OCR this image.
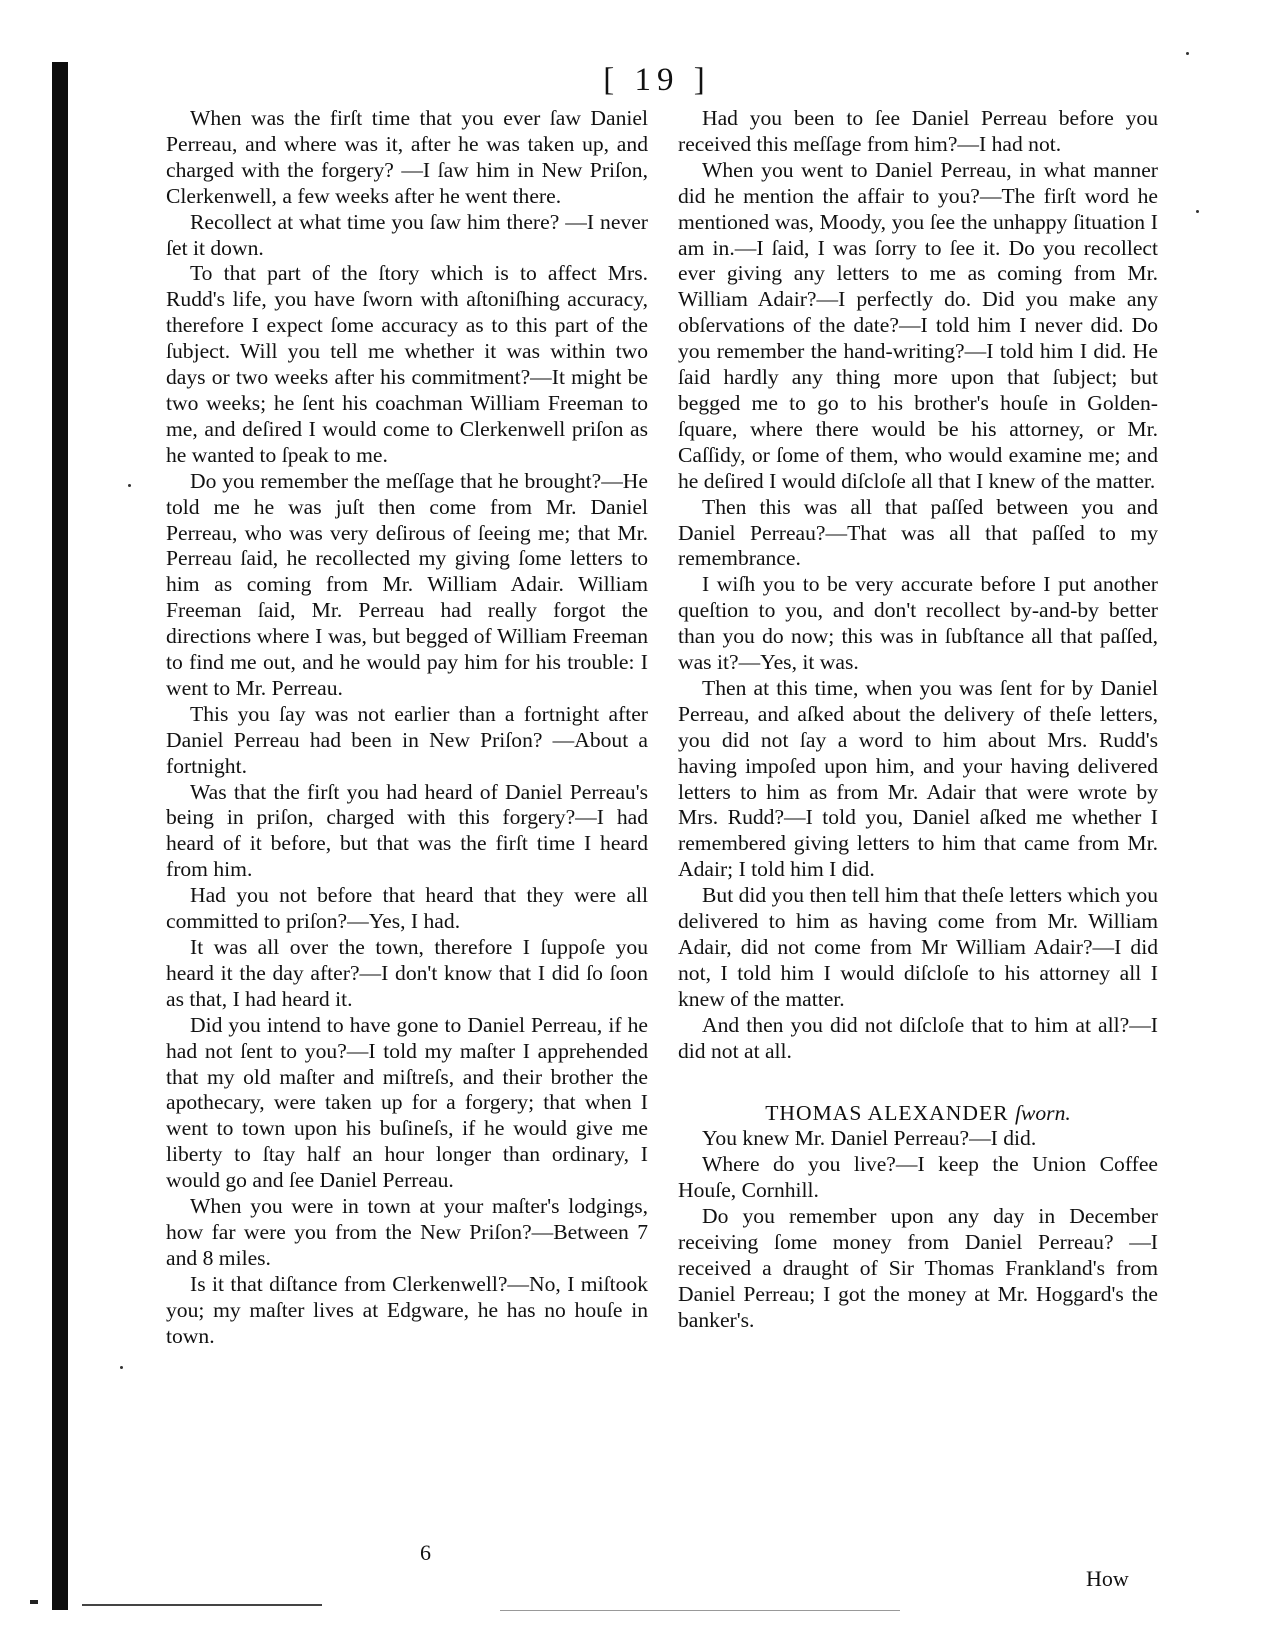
[ 19 ]

When was the firſt time that you ever ſaw Daniel Perreau, and where was it, after he was taken up, and charged with the forgery? —I ſaw him in New Priſon, Clerkenwell, a few weeks after he went there.

Recollect at what time you ſaw him there? —I never ſet it down.

To that part of the ſtory which is to affect Mrs. Rudd's life, you have ſworn with aſtoniſhing accuracy, therefore I expect ſome accuracy as to this part of the ſubject. Will you tell me whether it was within two days or two weeks after his commitment?—It might be two weeks; he ſent his coachman William Freeman to me, and deſired I would come to Clerkenwell priſon as he wanted to ſpeak to me.

Do you remember the meſſage that he brought?—He told me he was juſt then come from Mr. Daniel Perreau, who was very deſirous of ſeeing me; that Mr. Perreau ſaid, he recollected my giving ſome letters to him as coming from Mr. William Adair. William Freeman ſaid, Mr. Perreau had really forgot the directions where I was, but begged of William Freeman to find me out, and he would pay him for his trouble: I went to Mr. Perreau.

This you ſay was not earlier than a fortnight after Daniel Perreau had been in New Priſon? —About a fortnight.

Was that the firſt you had heard of Daniel Perreau's being in priſon, charged with this forgery?—I had heard of it before, but that was the firſt time I heard from him.

Had you not before that heard that they were all committed to priſon?—Yes, I had.

It was all over the town, therefore I ſuppoſe you heard it the day after?—I don't know that I did ſo ſoon as that, I had heard it.

Did you intend to have gone to Daniel Perreau, if he had not ſent to you?—I told my maſter I apprehended that my old maſter and miſtreſs, and their brother the apothecary, were taken up for a forgery; that when I went to town upon his buſineſs, if he would give me liberty to ſtay half an hour longer than ordinary, I would go and ſee Daniel Perreau.

When you were in town at your maſter's lodgings, how far were you from the New Priſon?—Between 7 and 8 miles.

Is it that diſtance from Clerkenwell?—No, I miſtook you; my maſter lives at Edgware, he has no houſe in town.

Had you been to ſee Daniel Perreau before you received this meſſage from him?—I had not.

When you went to Daniel Perreau, in what manner did he mention the affair to you?—The firſt word he mentioned was, Moody, you ſee the unhappy ſituation I am in.—I ſaid, I was ſorry to ſee it. Do you recollect ever giving any letters to me as coming from Mr. William Adair?—I perfectly do. Did you make any obſervations of the date?—I told him I never did. Do you remember the hand-writing?—I told him I did. He ſaid hardly any thing more upon that ſubject; but begged me to go to his brother's houſe in Golden-ſquare, where there would be his attorney, or Mr. Caſſidy, or ſome of them, who would examine me; and he deſired I would diſcloſe all that I knew of the matter.

Then this was all that paſſed between you and Daniel Perreau?—That was all that paſſed to my remembrance.

I wiſh you to be very accurate before I put another queſtion to you, and don't recollect by-and-by better than you do now; this was in ſubſtance all that paſſed, was it?—Yes, it was.

Then at this time, when you was ſent for by Daniel Perreau, and aſked about the delivery of theſe letters, you did not ſay a word to him about Mrs. Rudd's having impoſed upon him, and your having delivered letters to him as from Mr. Adair that were wrote by Mrs. Rudd?—I told you, Daniel aſked me whether I remembered giving letters to him that came from Mr. Adair; I told him I did.

But did you then tell him that theſe letters which you delivered to him as having come from Mr. William Adair, did not come from Mr William Adair?—I did not, I told him I would diſcloſe to his attorney all I knew of the matter.

And then you did not diſcloſe that to him at all?—I did not at all.

THOMAS ALEXANDER ſworn.

You knew Mr. Daniel Perreau?—I did.

Where do you live?—I keep the Union Coffee Houſe, Cornhill.

Do you remember upon any day in December receiving ſome money from Daniel Perreau? —I received a draught of Sir Thomas Frankland's from Daniel Perreau; I got the money at Mr. Hoggard's the banker's.

6
How
